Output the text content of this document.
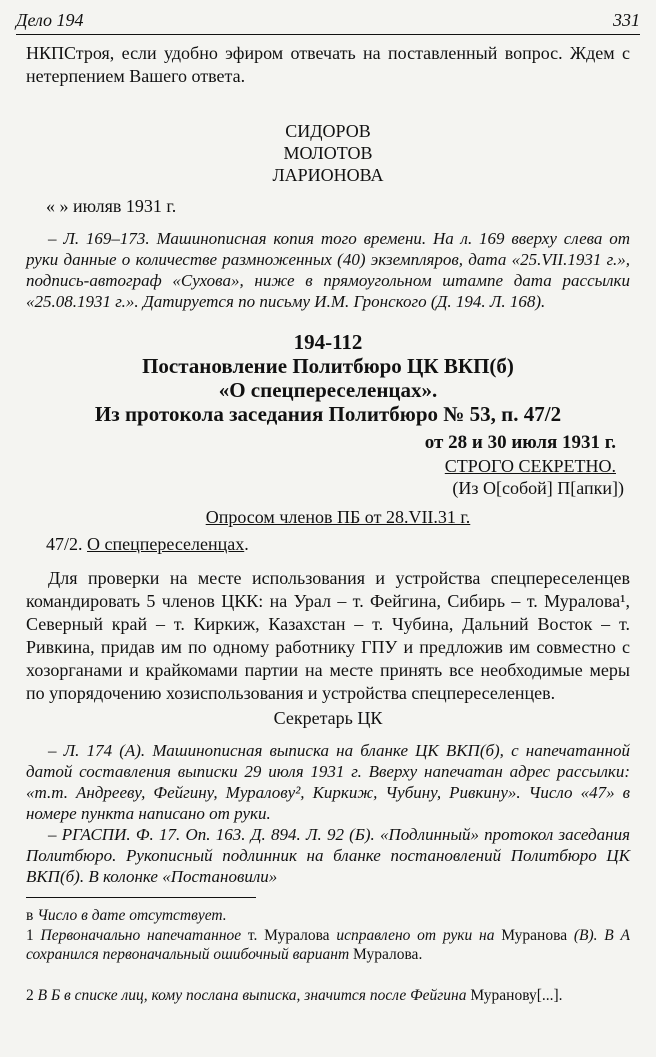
Дело 194	331
НКПСтроя, если удобно эфиром отвечать на поставленный вопрос. Ждем с нетерпением Вашего ответа.
СИДОРОВ
МОЛОТОВ
ЛАРИОНОВА
« » июляв 1931 г.
– Л. 169–173. Машинописная копия того времени. На л. 169 вверху слева от руки данные о количестве размноженных (40) экземпляров, дата «25.VII.1931 г.», подпись-автограф «Сухова», ниже в прямоугольном штампе дата рассылки «25.08.1931 г.». Датируется по письму И.М. Гронского (Д. 194. Л. 168).
194-112
Постановление Политбюро ЦК ВКП(б)
«О спецпереселенцах».
Из протокола заседания Политбюро № 53, п. 47/2
от 28 и 30 июля 1931 г.
СТРОГО СЕКРЕТНО.
(Из О[собой] П[апки])
Опросом членов ПБ от 28.VII.31 г.
47/2. О спецпереселенцах.
Для проверки на месте использования и устройства спецпереселенцев командировать 5 членов ЦКК: на Урал – т. Фейгина, Сибирь – т. Муралова¹, Северный край – т. Киркиж, Казахстан – т. Чубина, Дальний Восток – т. Ривкина, придав им по одному работнику ГПУ и предложив им совместно с хозорганами и крайкомами партии на месте принять все необходимые меры по упорядочению хозиспользования и устройства спецпереселенцев.
Секретарь ЦК
– Л. 174 (А). Машинописная выписка на бланке ЦК ВКП(б), с напечатанной датой составления выписки 29 июля 1931 г. Вверху напечатан адрес рассылки: «т.т. Андрееву, Фейгину, Муралову², Киркиж, Чубину, Ривкину». Число «47» в номере пункта написано от руки.
– РГАСПИ. Ф. 17. Оп. 163. Д. 894. Л. 92 (Б). «Подлинный» протокол заседания Политбюро. Рукописный подлинник на бланке постановлений Политбюро ЦК ВКП(б). В колонке «Постановили»
в Число в дате отсутствует.
1 Первоначально напечатанное т. Муралова исправлено от руки на Муранова (В). В А сохранился первоначальный ошибочный вариант Муралова.
2 В Б в списке лиц, кому послана выписка, значится после Фейгина Муранову[...].
